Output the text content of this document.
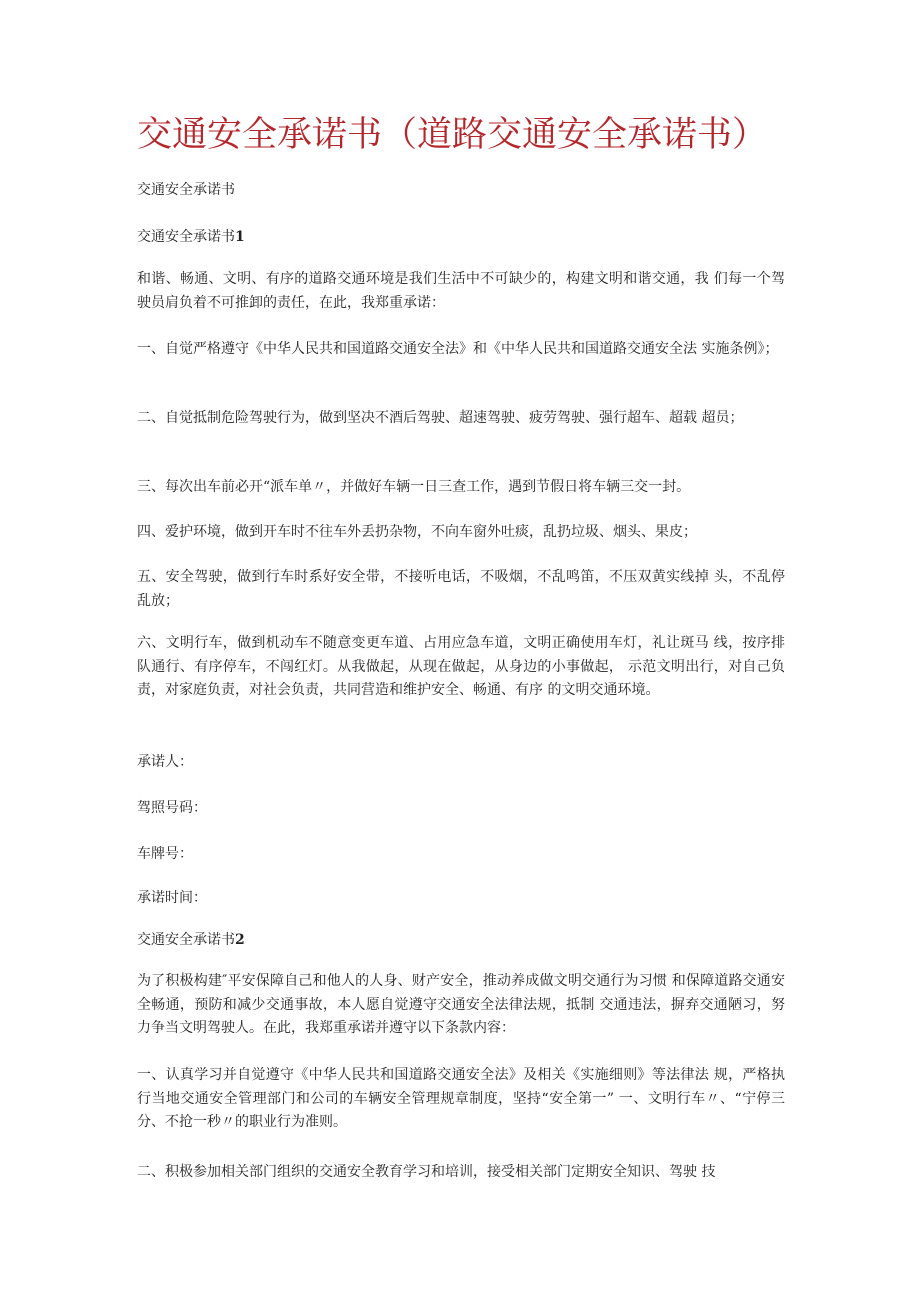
交通安全承诺书（道路交通安全承诺书）

交通安全承诺书

交通安全承诺书1

和谐、畅通、文明、有序的道路交通环境是我们生活中不可缺少的，构建文明和谐交通，我 们每一个驾驶员肩负着不可推卸的责任，在此，我郑重承诺：

一、自觉严格遵守《中华人民共和国道路交通安全法》和《中华人民共和国道路交通安全法 实施条例》；

二、自觉抵制危险驾驶行为，做到坚决不酒后驾驶、超速驾驶、疲劳驾驶、强行超车、超载 超员；

三、每次出车前必开“派车单〃，并做好车辆一日三查工作，遇到节假日将车辆三交一封。

四、爱护环境，做到开车时不往车外丢扔杂物，不向车窗外吐痰，乱扔垃圾、烟头、果皮；

五、安全驾驶，做到行车时系好安全带，不接听电话，不吸烟，不乱鸣笛，不压双黄实线掉 头，不乱停乱放；

六、文明行车，做到机动车不随意变更车道、占用应急车道，文明正确使用车灯，礼让斑马 线，按序排队通行、有序停车，不闯红灯。从我做起，从现在做起，从身边的小事做起， 示范文明出行，对自己负责，对家庭负责，对社会负责，共同营造和维护安全、畅通、有序 的文明交通环境。

承诺人：

驾照号码：

车牌号：

承诺时间：

交通安全承诺书2

为了积极构建″平安保障自己和他人的人身、财产安全，推动养成做文明交通行为习惯 和保障道路交通安全畅通，预防和减少交通事故，本人愿自觉遵守交通安全法律法规，抵制 交通违法，摒弃交通陋习，努力争当文明驾驶人。在此，我郑重承诺并遵守以下条款内容：

一、认真学习并自觉遵守《中华人民共和国道路交通安全法》及相关《实施细则》等法律法 规，严格执行当地交通安全管理部门和公司的车辆安全管理规章制度，坚持“安全第一” 一、文明行车〃、“宁停三分、不抢一秒〃的职业行为准则。

二、积极参加相关部门组织的交通安全教育学习和培训，接受相关部门定期安全知识、驾驶 技
